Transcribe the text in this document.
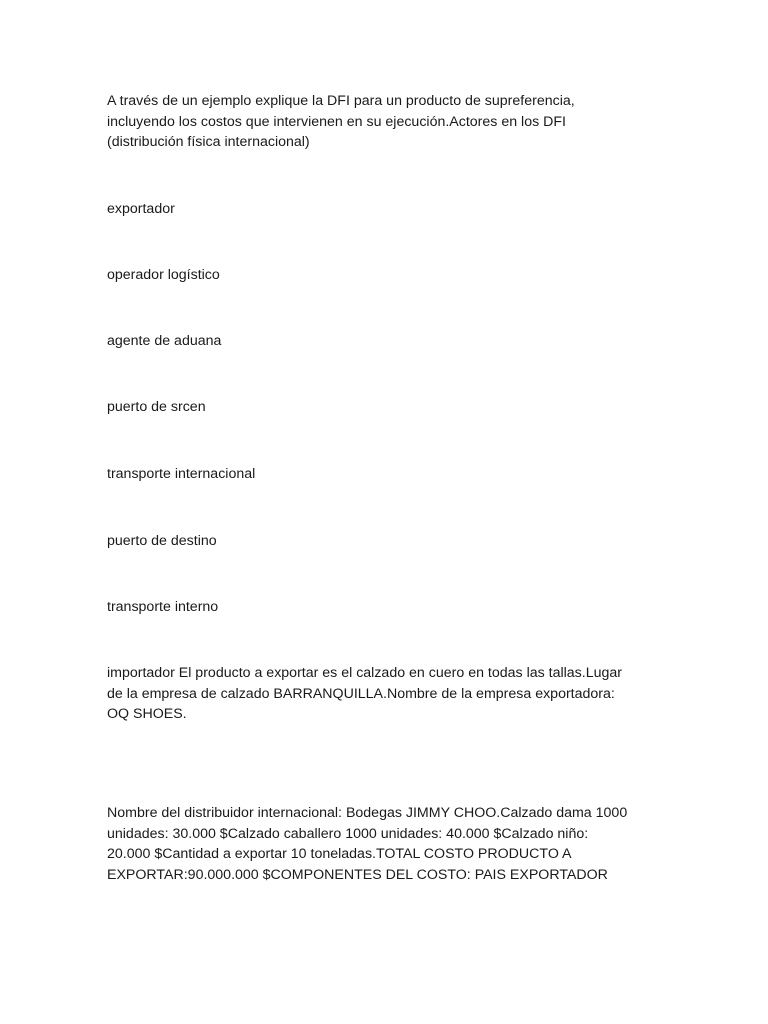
A través de un ejemplo explique la DFI para un producto de supreferencia,
incluyendo los costos que intervienen en su ejecución.Actores en los DFI
(distribución física internacional)

exportador

operador logístico

agente de aduana

puerto de srcen

transporte internacional

puerto de destino

transporte interno

importador El producto a exportar es el calzado en cuero en todas las tallas.Lugar
de la empresa de calzado BARRANQUILLA.Nombre de la empresa exportadora:
OQ SHOES.

Nombre del distribuidor internacional: Bodegas JIMMY CHOO.Calzado dama 1000
unidades: 30.000 $Calzado caballero 1000 unidades: 40.000 $Calzado niño:
20.000 $Cantidad a exportar 10 toneladas.TOTAL COSTO PRODUCTO A
EXPORTAR:90.000.000 $COMPONENTES DEL COSTO: PAIS EXPORTADOR
